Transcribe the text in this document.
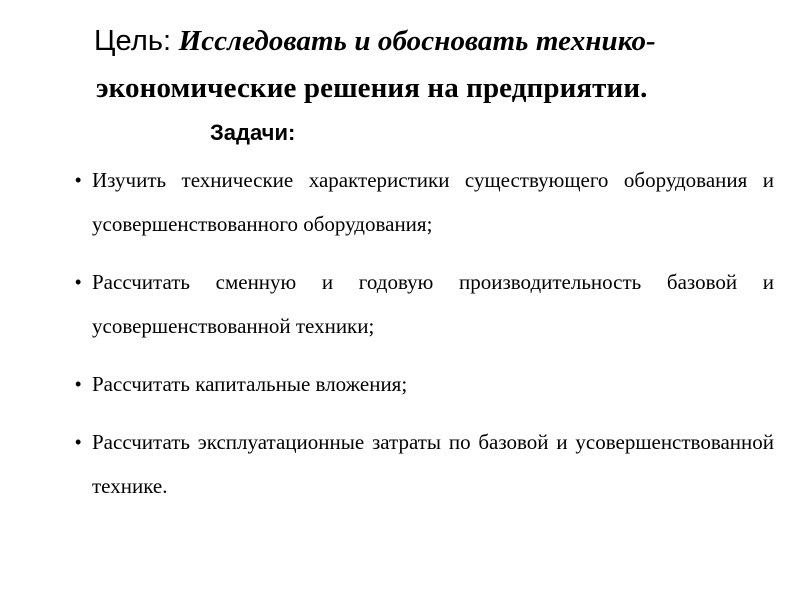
Цель: Исследовать и обосновать технико-
экономические решения на предприятии.
Задачи:
• Изучить технические характеристики существующего оборудования и усовершенствованного оборудования;
• Рассчитать сменную и годовую производительность базовой и усовершенствованной техники;
• Рассчитать капитальные вложения;
• Рассчитать эксплуатационные затраты по базовой и усовершенствованной технике.
